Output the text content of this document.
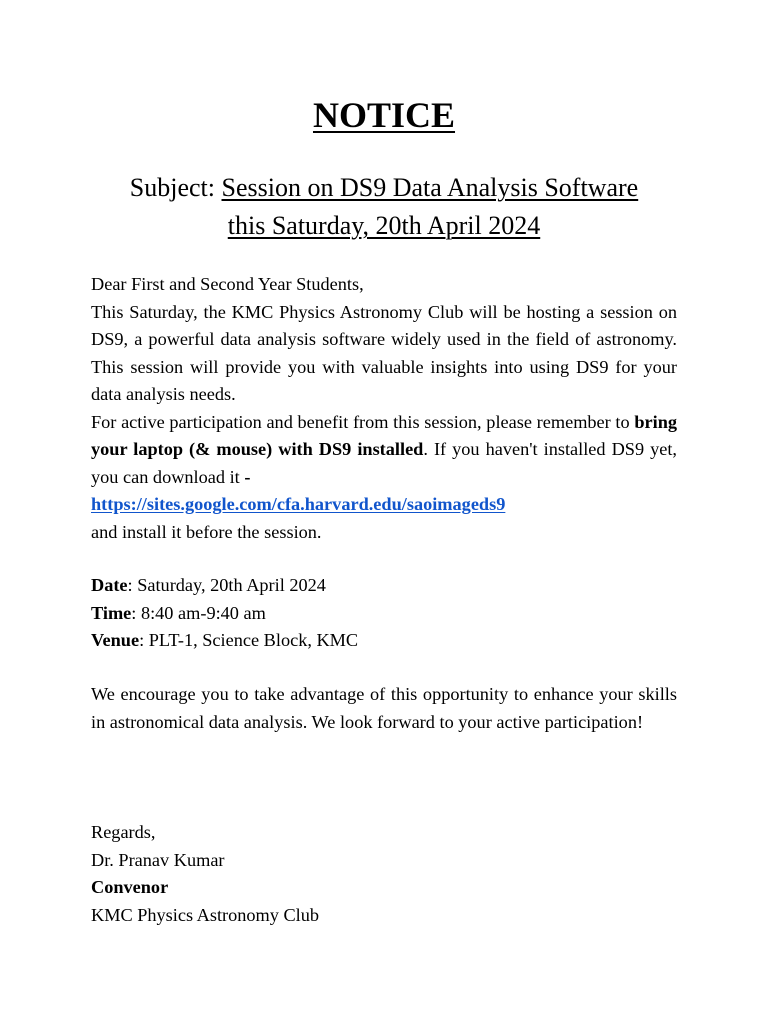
NOTICE
Subject: Session on DS9 Data Analysis Software
this Saturday, 20th April 2024

Dear First and Second Year Students,

This Saturday, the KMC Physics Astronomy Club will be hosting a session on DS9, a powerful data analysis software widely used in the field of astronomy. This session will provide you with valuable insights into using DS9 for your data analysis needs.

For active participation and benefit from this session, please remember to bring your laptop (& mouse) with DS9 installed. If you haven't installed DS9 yet, you can download it -

https://sites.google.com/cfa.harvard.edu/saoimageds9

and install it before the session.

Date: Saturday, 20th April 2024

Time: 8:40 am-9:40 am

Venue: PLT-1, Science Block, KMC

We encourage you to take advantage of this opportunity to enhance your skills in astronomical data analysis. We look forward to your active participation!

Regards,

Dr. Pranav Kumar

Convenor

KMC Physics Astronomy Club
